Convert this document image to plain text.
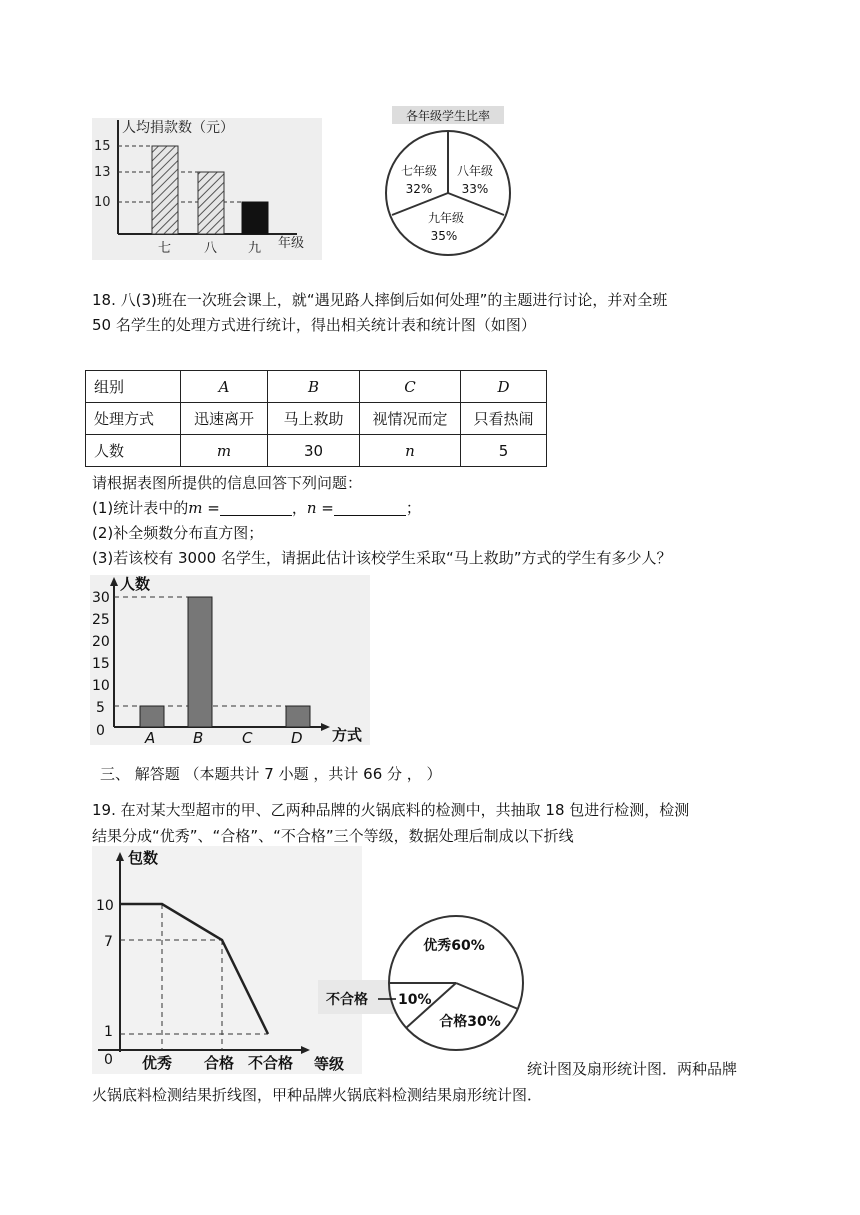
人均捐款数（元）
年级
15
13
10
七	八 九
各年级学生比率
七年级
32%
八年级
33%
九年级
35%
18. 八(3)班在一次班会课上，就“遇见路人摔倒后如何处理”的主题进行讨论，并对全班
50 名学生的处理方式进行统计，得出相关统计表和统计图（如图）
组别	A	B	C	D
处理方式	迅速离开	马上救助	视情况而定	只看热闹
人数	m	30	n	5
请根据表图所提供的信息回答下列问题：
(1)统计表中的m =	，n =	；
(2)补全频数分布直方图；
(3)若该校有 3000 名学生，请据此估计该校学生采取“马上救助”方式的学生有多少人？
人数
方式
0
5
10
15
20
25
30
A	B	C	D
三、 解答题 （本题共计 7 小题 ，共计 66 分 ， ）
19. 在对某大型超市的甲、乙两种品牌的火锅底料的检测中，共抽取 18 包进行检测，检测
结果分成“优秀”、“合格”、“不合格”三个等级，数据处理后制成以下折线
包数
等级
0
10
7
1
优秀 合格 不合格
优秀60%
合格30%
不合格 10%
统计图及扇形统计图．两种品牌
火锅底料检测结果折线图，甲种品牌火锅底料检测结果扇形统计图．
